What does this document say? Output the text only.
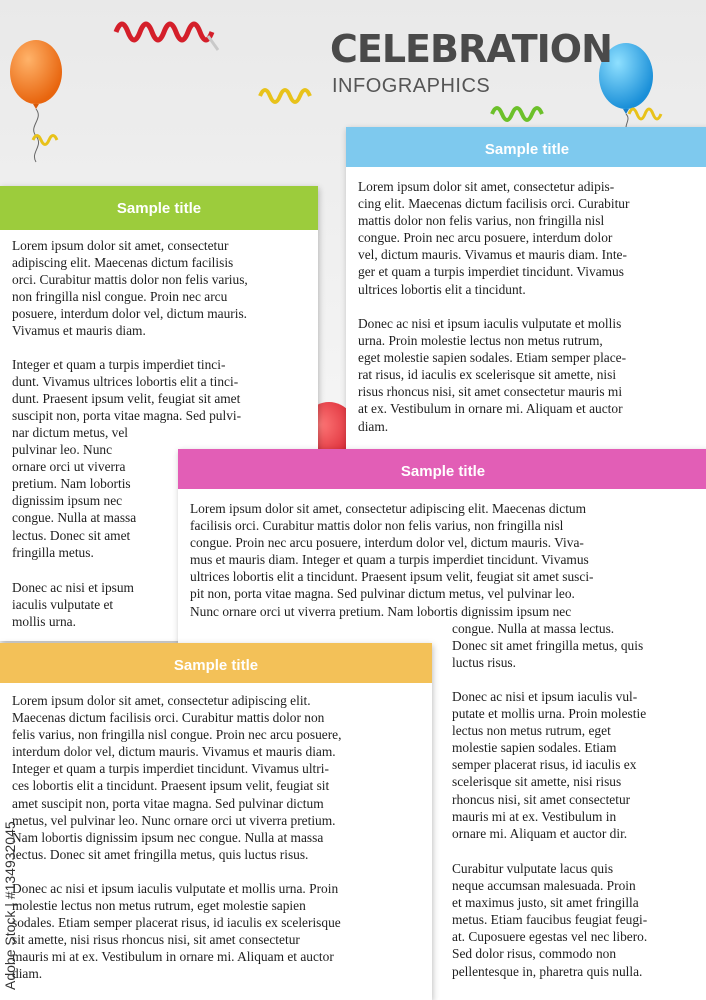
CELEBRATION
INFOGRAPHICS
Sample title

Lorem ipsum dolor sit amet, consectetur
adipiscing elit. Maecenas dictum facilisis
orci. Curabitur mattis dolor non felis varius,
non fringilla nisl congue. Proin nec arcu
posuere, interdum dolor vel, dictum mauris.
Vivamus et mauris diam.

Integer et quam a turpis imperdiet tinci-
dunt. Vivamus ultrices lobortis elit a tinci-
dunt. Praesent ipsum velit, feugiat sit amet
suscipit non, porta vitae magna. Sed pulvi-

nar dictum metus, vel
pulvinar leo. Nunc
ornare orci ut viverra
pretium. Nam lobortis
dignissim ipsum nec
congue. Nulla at massa
lectus. Donec sit amet
fringilla metus.

Donec ac nisi et ipsum
iaculis vulputate et
mollis urna.

Sample title

Lorem ipsum dolor sit amet, consectetur adipis-
cing elit. Maecenas dictum facilisis orci. Curabitur
mattis dolor non felis varius, non fringilla nisl
congue. Proin nec arcu posuere, interdum dolor
vel, dictum mauris. Vivamus et mauris diam. Inte-
ger et quam a turpis imperdiet tincidunt. Vivamus
ultrices lobortis elit a tincidunt.

Donec ac nisi et ipsum iaculis vulputate et mollis
urna. Proin molestie lectus non metus rutrum,
eget molestie sapien sodales. Etiam semper place-
rat risus, id iaculis ex scelerisque sit amette, nisi
risus rhoncus nisi, sit amet consectetur mauris mi
at ex. Vestibulum in ornare mi. Aliquam et auctor
diam.

Sample title

Lorem ipsum dolor sit amet, consectetur adipiscing elit. Maecenas dictum
facilisis orci. Curabitur mattis dolor non felis varius, non fringilla nisl
congue. Proin nec arcu posuere, interdum dolor vel, dictum mauris. Viva-
mus et mauris diam. Integer et quam a turpis imperdiet tincidunt. Vivamus
ultrices lobortis elit a tincidunt. Praesent ipsum velit, feugiat sit amet susci-
pit non, porta vitae magna. Sed pulvinar dictum metus, vel pulvinar leo.
Nunc ornare orci ut viverra pretium. Nam lobortis dignissim ipsum nec

congue. Nulla at massa lectus.
Donec sit amet fringilla metus, quis
luctus risus.

Donec ac nisi et ipsum iaculis vul-
putate et mollis urna. Proin molestie
lectus non metus rutrum, eget
molestie sapien sodales. Etiam
semper placerat risus, id iaculis ex
scelerisque sit amette, nisi risus
rhoncus nisi, sit amet consectetur
mauris mi at ex. Vestibulum in
ornare mi. Aliquam et auctor dir.

Curabitur vulputate lacus quis
neque accumsan malesuada. Proin
et maximus justo, sit amet fringilla
metus. Etiam faucibus feugiat feugi-
at. Cuposuere egestas vel nec libero.
Sed dolor risus, commodo non
pellentesque in, pharetra quis nulla.

Sample title

Lorem ipsum dolor sit amet, consectetur adipiscing elit.
Maecenas dictum facilisis orci. Curabitur mattis dolor non
felis varius, non fringilla nisl congue. Proin nec arcu posuere,
interdum dolor vel, dictum mauris. Vivamus et mauris diam.
Integer et quam a turpis imperdiet tincidunt. Vivamus ultri-
ces lobortis elit a tincidunt. Praesent ipsum velit, feugiat sit
amet suscipit non, porta vitae magna. Sed pulvinar dictum
metus, vel pulvinar leo. Nunc ornare orci ut viverra pretium.
Nam lobortis dignissim ipsum nec congue. Nulla at massa
lectus. Donec sit amet fringilla metus, quis luctus risus.

Donec ac nisi et ipsum iaculis vulputate et mollis urna. Proin
molestie lectus non metus rutrum, eget molestie sapien
sodales. Etiam semper placerat risus, id iaculis ex scelerisque
sit amette, nisi risus rhoncus nisi, sit amet consectetur
mauris mi at ex. Vestibulum in ornare mi. Aliquam et auctor
diam.

Adobe Stock | #134932045
